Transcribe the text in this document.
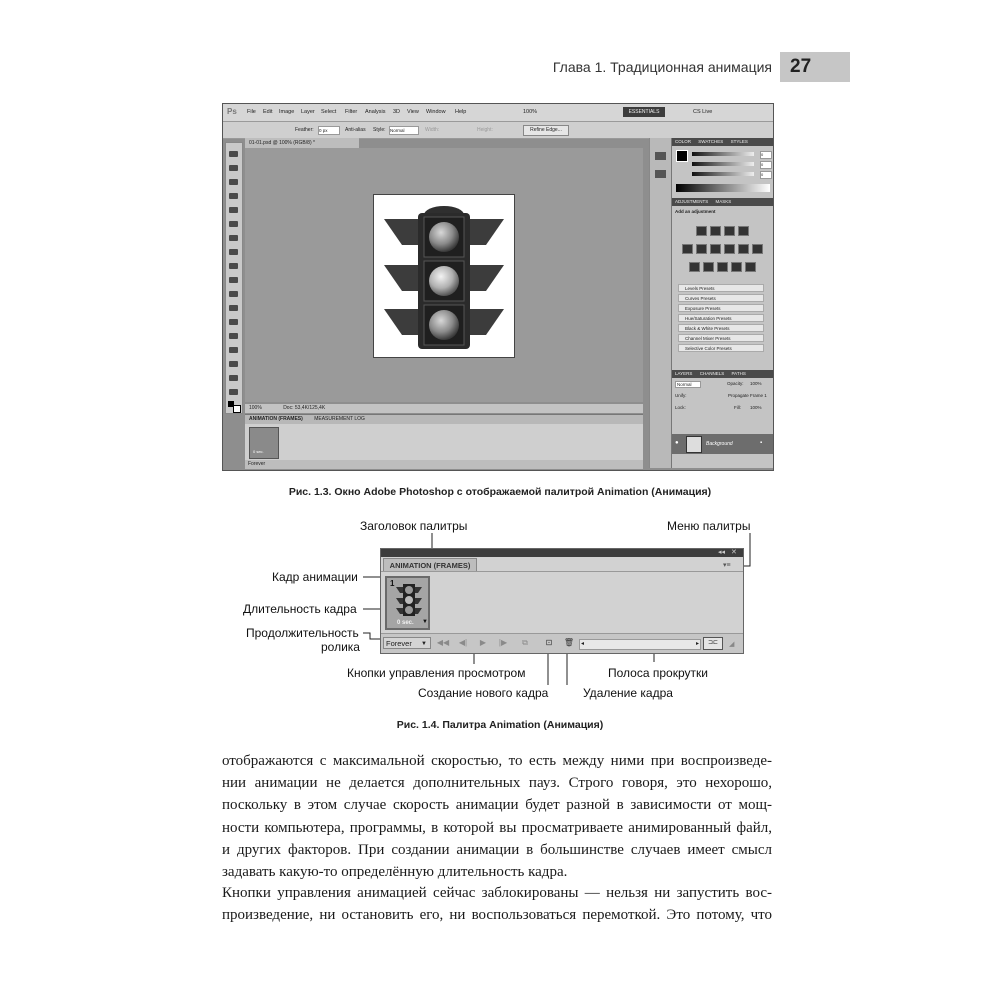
Глава 1. Традиционная анимация 27
Ps File Edit Image Layer Select Filter Analysis 3D View Window Help	100%	ESSENTIALS	CS Live
Feather: 0 px	Anti-alias Style: Normal	Width:	Height:	Refine Edge...
01-01.psd @ 100% (RGB/8) *
100%	Doc: 53,4K/125,4K
ANIMATION (FRAMES) MEASUREMENT LOG
0 sec.
Forever
COLOR SWATCHES STYLES
0
0
0
ADJUSTMENTS MASKS
Add an adjustment
Levels Presets
Curves Presets
Exposure Presets
Hue/Saturation Presets
Black & White Presets
Channel Mixer Presets
Selective Color Presets
LAYERS CHANNELS PATHS
Normal	Opacity: 100%
Unify:	Propagate Frame 1
Lock:	Fill: 100%
●	Background	▪
Рис. 1.3. Окно Adobe Photoshop с отображаемой палитрой Animation (Анимация)
Заголовок палитры	Меню палитры
Кадр анимации
Длительность кадра
Продолжительность
ролика
Кнопки управления просмотром	Полоса прокрутки
Создание нового кадра	Удаление кадра
◂◂ ✕
ANIMATION (FRAMES)	▾≡
1
0 sec. ▼
Forever ▼ ◀◀	◀|	▶	|▶	⧉	⊡	🗑	◂	▸	⊐⊏	◢
Рис. 1.4. Палитра Animation (Анимация)
отображаются с максимальной скоростью, то есть между ними при воспроизведе-
нии анимации не делается дополнительных пауз. Строго говоря, это нехорошо,
поскольку в этом случае скорость анимации будет разной в зависимости от мощ-
ности компьютера, программы, в которой вы просматриваете анимированный файл,
и других факторов. При создании анимации в большинстве случаев имеет смысл
задавать какую-то определённую длительность кадра.
Кнопки управления анимацией сейчас заблокированы — нельзя ни запустить вос-
произведение, ни остановить его, ни воспользоваться перемоткой. Это потому, что
